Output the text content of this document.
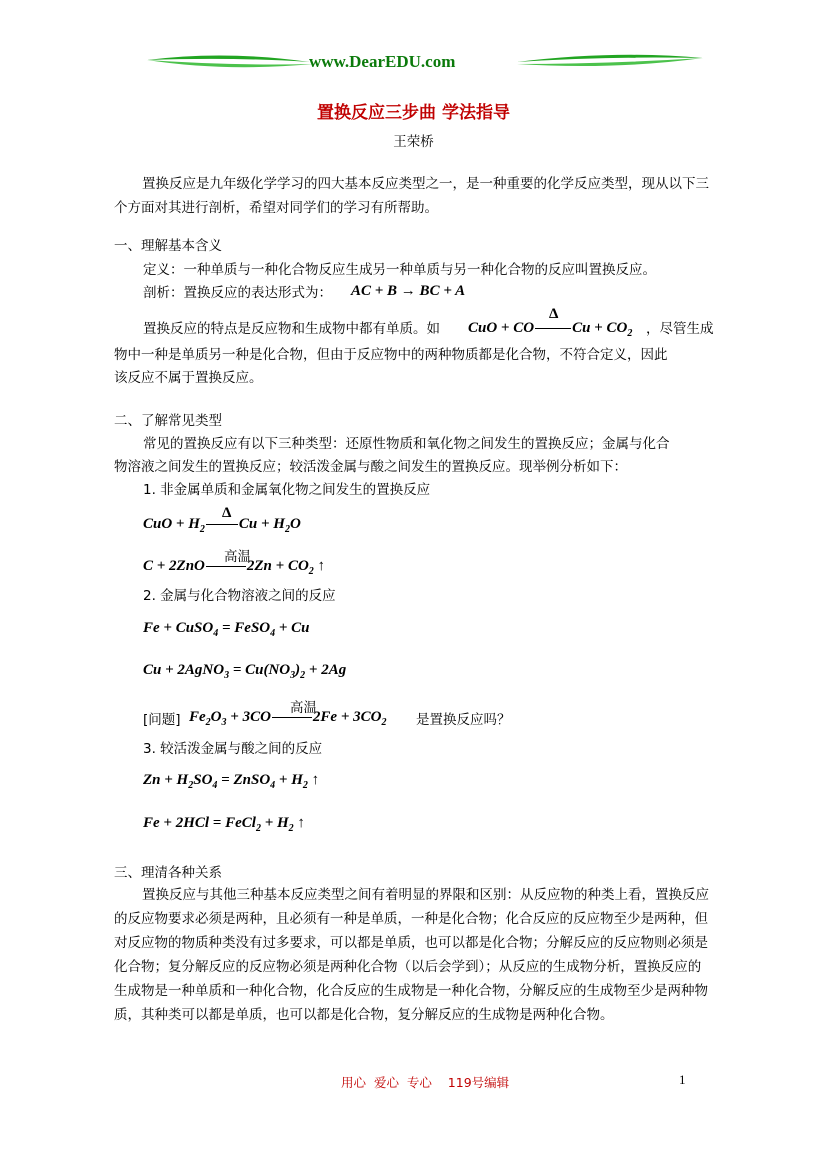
www.DearEDU.com
置换反应三步曲 学法指导
王荣桥
置换反应是九年级化学学习的四大基本反应类型之一，是一种重要的化学反应类型，现从以下三个方面对其进行剖析，希望对同学们的学习有所帮助。
一、理解基本含义
定义：一种单质与一种化合物反应生成另一种单质与另一种化合物的反应叫置换反应。
剖析：置换反应的表达形式为： AC + B → BC + A
置换反应的特点是反应物和生成物中都有单质。如 CuO + CO	$Cu + CO_2$
Δ
，尽管生成
物中一种是单质另一种是化合物，但由于反应物中的两种物质都是化合物，不符合定义，因此
该反应不属于置换反应。
二、了解常见类型
常见的置换反应有以下三种类型：还原性物质和氧化物之间发生的置换反应；金属与化合
物溶液之间发生的置换反应；较活泼金属与酸之间发生的置换反应。现举例分析如下：
1. 非金属单质和金属氧化物之间发生的置换反应
Δ
CuO + $H_2$ $Cu + H_2O$
高温
C + 2ZnO	$2Zn + CO_2$ ↑
2. 金属与化合物溶液之间的反应
Fe + CuSO$_4$ = FeSO$_4$ + Cu
Cu + 2AgNO$_3$ = $Cu(NO_3)_2 + 2Ag$
[问题]
高温
$Fe_2O_3 + 3CO$	$2Fe + 3CO_2$ 是置换反应吗？
3. 较活泼金属与酸之间的反应
$Zn + H_2SO_4$ = ZnSO$_4$ + $H_2$ ↑
Fe + 2HCl = FeCl$_2$ + $H_2$ ↑
三、理清各种关系
置换反应与其他三种基本反应类型之间有着明显的界限和区别：从反应物的种类上看，置换反应的反应物要求必须是两种，且必须有一种是单质，一种是化合物；化合反应的反应物至少是两种，但对反应物的物质种类没有过多要求，可以都是单质，也可以都是化合物；分解反应的反应物则必须是化合物；复分解反应的反应物必须是两种化合物（以后会学到）；从反应的生成物分析，置换反应的生成物是一种单质和一种化合物，化合反应的生成物是一种化合物，分解反应的生成物至少是两种物质，其种类可以都是单质，也可以都是化合物，复分解反应的生成物是两种化合物。
用心  爱心  专心    119号编辑	1
